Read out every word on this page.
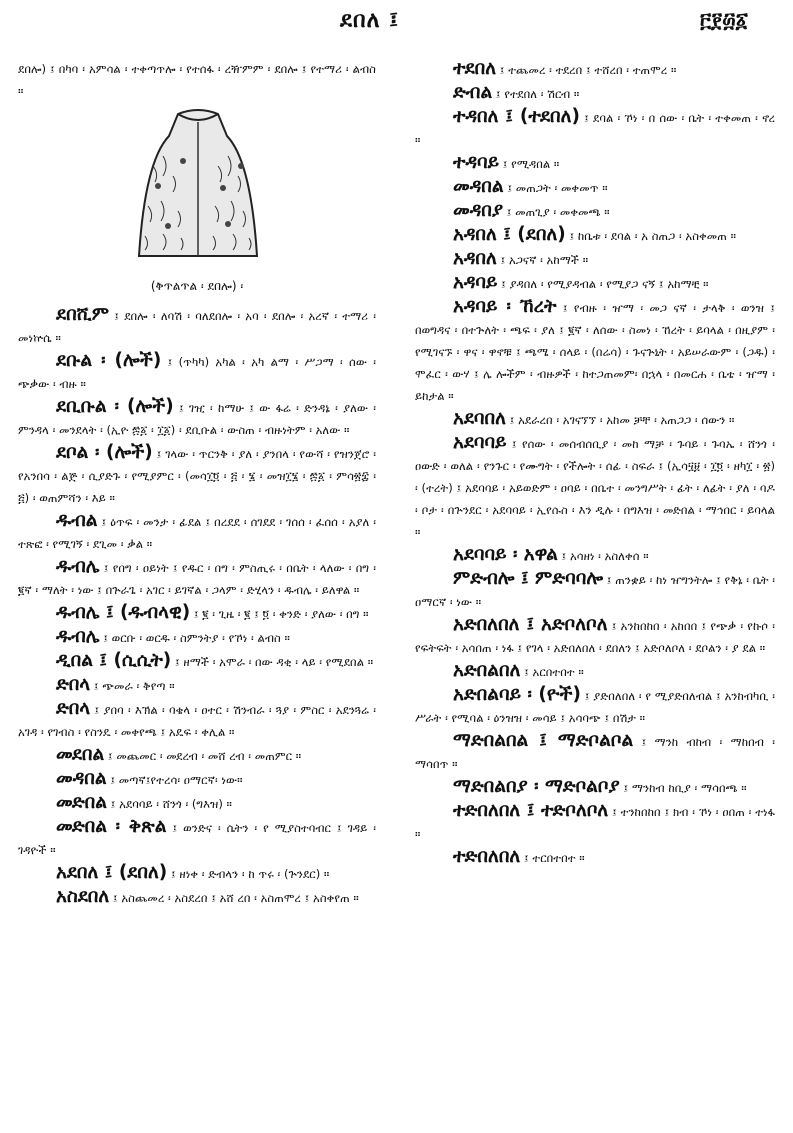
ደበለ ፤	፫፻፴፩
ደበሎ) ፤ በካባ ፡ አምሳል ፡ ተቀጣጥሎ ፡ የተሰፋ ፡ ረዥምም ፡ ደበሎ ፤ የተማሪ ፡ ልብስ ።
(ቅጥልጥል ፡ ደበሎ) ፡
ደበሺም ፤ ደበሎ ፡ ለባሽ ፡ ባለደበሎ ፡ አባ ፡ ደበሎ ፡ አረኛ ፡ ተማሪ ፡ መነኵሴ ።
ደቡል ፡ (ሎች) ፤ (ጥካካ) አካል ፡ አካ ልማ ፡ ሥጋማ ፡ ሰው ፡ ጭቃው ፡ ብዙ ።
ደቢቡል ፡ (ሎች) ፤ ገዢ ፡ ከማሁ ፤ ው ፋሬ ፡ ድንዳኔ ፡ ያለው ፡ ምንዳላ ፡ መንደላት ፡ (ኢዮ ፷፩ ፡ ፲፩) ፡ ደቢቡል ፡ ውስጠ ፡ ብዙነትም ፡ አለው ።
ደቦል ፡ (ሎች) ፤ ገላው ፡ ጥርንቅ ፡ ያለ ፡ ያንበላ ፡ የውሻ ፡ የዝንጀሮ ፡ የአንበሳ ፡ ልጅ ፡ ሲያድጉ ፡ የሚያምር ፡ (መሳ፲፬ ፡ ፭ ፡ ፮ ፡ መዝ፲፮ ፡ ፷፩ ፡ ምሳ፳፰ ፡ ፭) ፡ ወጠምሻን ፡ እይ ።
ዱብል ፤ ዕጥፍ ፡ መንታ ፡ ፊደል ፤ በረደደ ፡ ሰገደደ ፡ ገሰሰ ፡ ፈሰሰ ፡ አያለ ፡ ተጽፎ ፡ የሚገኝ ፡ ደጊመ ፡ ቃል ።
ዱብሌ ፤ የበግ ፡ ዐይነት ፤ የዱር ፡ በግ ፡ ምስጢሩ ፡ በቤት ፡ ላለው ፡ በግ ፡ ፪ኛ ፡ ማለት ፡ ነው ፤ በጕራጌ ፡ አገር ፡ ይገኛል ፡ ጋላም ፡ ድሂላን ፡ ዱብሌ ፡ ይለዋል ።
ዱብሌ ፤ (ዱብላዊ) ፤ ፪ ፡ ጊዜ ፡ ፪ ፤ ፬ ፡ ቀንድ ፡ ያለው ፡ በግ ።
ዱብሌ ፤ ወርቡ ፡ ወርዱ ፡ ስምንትያ ፡ የኾነ ፡ ልብስ ።
ዲበል ፤ (ሲሲት) ፤ ዘማች ፡ አሞራ ፡ በው ዳቂ ፡ ላይ ፡ የሚደበል ።
ድበላ ፤ ጭመራ ፡ ቅየጣ ።
ድበላ ፤ ያበባ ፡ እኽል ፡ ባቄላ ፡ ዐተር ፡ ሽንብራ ፡ ጓያ ፡ ምስር ፡ አደንጓሬ ፡ አገዳ ፡ የገብስ ፡ የስንዴ ፡ መቀየጫ ፤ አዴፍ ፡ ቀሊል ።
መደበል ፤ መጨመር ፡ መደረብ ፡ መሸ ረብ ፡ መጠምር ።
መዳበል ፤ መጣኛ፤የተረሳ፡ ዐማርኛ፡ ነው።
መድበል ፤ አደባባይ ፡ ሸንጎ ፡ (ግእዝ) ።
መድበል ፡ ቅጽል ፤ ወንድና ፡ ሴትን ፡ የ ሚያስተባብር ፤ ገዳይ ፡ ገዳዮች ።
አደበለ ፤ (ደበለ) ፤ ዘነቀ ፡ ድብላን ፡ ከ ጥሩ ፡ (ጕንደር) ።
አስደበለ ፤ አስጨመረ ፡ አስደረበ ፤ አሸ ረበ ፡ አስጠሞረ ፤ አስቀየጠ ።
ተደበለ ፤ ተጨመረ ፡ ተደረበ ፤ ተሸረበ ፡ ተጠሞረ ።
ድብል ፤ የተደበለ ፡ ሽርብ ።
ተዳበለ ፤ (ተደበለ) ፤ ደባል ፡ ኾነ ፡ በ ሰው ፡ ቤት ፡ ተቀመጠ ፡ ኖረ ።
ተዳባይ ፤ የሚዳበል ።
መዳበል ፤ መጠጋት ፡ መቀመጥ ።
መዳበያ ፤ መጠጊያ ፡ መቀመጫ ።
አዳበለ ፤ (ደበለ) ፤ ከቤቱ ፡ ደባል ፡ አ ስጠጋ ፡ አስቀመጠ ።
አዳበለ ፤ አጋናኛ ፡ አከማች ።
አዳባይ ፤ ያዳበለ ፡ የሚያዳብል ፡ የሚያጋ ናኝ ፤ አከማቺ ።
አዳባይ ፡ ኸረት ፤ የብዙ ፡ ዠማ ፡ መጋ ናኛ ፡ ታላቅ ፡ ወንዝ ፤ በወግዳና ፡ በተጕለት ፡ ጫፍ ፡ ያለ ፤ ፪ኛ ፡ ለሰው ፡ ስመነ ፡ ኸረት ፡ ይባላል ፡ በዚያም ፡ የሚገናኙ ፡ ዋና ፡ ዋኖቹ ፤ ጫሜ ፡ ሰላይ ፡ (በሬሳ) ፡ ጉናጕኒት ፡ አይሠራውም ፡ (ጋዱ) ፡ ሞፈር ፡ ውሃ ፤ ሌ ሎችም ፡ ብዙዎች ፡ ከተጋጠመም፡ በኋላ ፡ በመርሐ ፡ ቤቴ ፡ ዠማ ፡ ይከታል ።
አደባበለ ፤ አደራረበ ፡ አገናኘኘ ፡ አከመ ቻቸ ፡ አጠጋጋ ፡ ሰውን ።
አደባባይ ፤ የሰው ፡ መሰብሰቢያ ፡ መከ ማቻ ፡ ጉባይ ፡ ጉባኤ ፡ ሸንጎ ፡ ዐውድ ፡ ወለል ፡ የንጉር ፡ የሙግት ፡ የችሎት ፡ ሰፊ ፡ ስፍራ ፤ (ኢሳ፶፱ ፡ ፲፬ ፡ ዘካ፲ ፡ ፳) ፡ (ተረት) ፤ አደባባይ ፡ አይወድም ፡ ዐባይ ፡ በቤተ ፡ መንግሥት ፡ ፊት ፡ ለፊት ፡ ያለ ፡ ባዶ ፡ ቦታ ፡ በጕንደር ፡ አደባባይ ፡ ኢየሱስ ፡ እን ዲሉ ፡ በግእዝ ፡ መድበል ፡ ማኅበር ፡ ይባላል ።
አደባባይ ፡ አዋል ፤ አሳዘነ ፡ አስለቀሰ ።
ምድብሎ ፤ ምድባባሎ ፤ ጠንቋይ ፡ ከነ ዠግንትሎ ፤ የቅኔ ፡ ቤት ፡ ዐማርኛ ፡ ነው ።
አድበለበለ ፤ አድቦለቦለ ፤ አንከበከበ ፡ አከበበ ፤ የጭቃ ፡ የኩሶ ፡ የፍትፍት ፡ አሳበጠ ፡ ነፋ ፤ የገላ ፡ አድበለበለ ፡ ደበለን ፤ አድቦለቦለ ፡ ደቦልን ፡ ያ ደል ።
አድበልበለ ፤ አርበተበተ ።
አድበልባይ ፡ (ዮች) ፤ ያድበለበለ ፡ የ ሚያድበለብል ፤ አንከብካቢ ፡ ሥራት ፡ የሚባል ፡ ዕንዝዝ ፡ መሳይ ፤ አሳባጭ ፤ በሽታ ።
ማድበልበል ፤ ማድቦልቦል ፤ ማንከ ብከብ ፡ ማከበብ ፡ ማሳበጥ ።
ማድበልበያ ፡ ማድቦልቦያ ፤ ማንከብ ከቢያ ፡ ማሳበጫ ።
ተድበለበለ ፤ ተድቦለቦለ ፤ ተንከበከበ ፤ ክብ ፡ ኾነ ፡ ዐበጠ ፡ ተነፋ ።
ተድበለበለ ፤ ተርበተበተ ።
